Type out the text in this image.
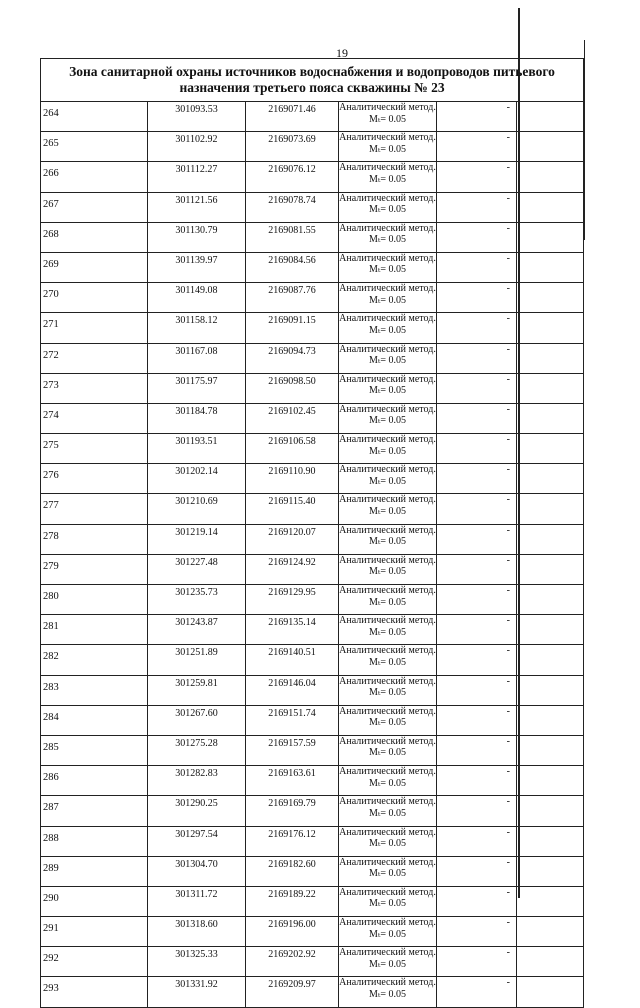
19
Зона санитарной охраны источников водоснабжения и водопроводов питьевого назначения третьего пояса скважины № 23					
264	301093.53	2169071.46	Аналитический метод.
Mₜ= 0.05	-	
265	301102.92	2169073.69	Аналитический метод.
Mₜ= 0.05	-	
266	301112.27	2169076.12	Аналитический метод.
Mₜ= 0.05	-	
267	301121.56	2169078.74	Аналитический метод.
Mₜ= 0.05	-	
268	301130.79	2169081.55	Аналитический метод.
Mₜ= 0.05	-	
269	301139.97	2169084.56	Аналитический метод.
Mₜ= 0.05	-	
270	301149.08	2169087.76	Аналитический метод.
Mₜ= 0.05	-	
271	301158.12	2169091.15	Аналитический метод.
Mₜ= 0.05	-	
272	301167.08	2169094.73	Аналитический метод.
Mₜ= 0.05	-	
273	301175.97	2169098.50	Аналитический метод.
Mₜ= 0.05	-	
274	301184.78	2169102.45	Аналитический метод.
Mₜ= 0.05	-	
275	301193.51	2169106.58	Аналитический метод.
Mₜ= 0.05	-	
276	301202.14	2169110.90	Аналитический метод.
Mₜ= 0.05	-	
277	301210.69	2169115.40	Аналитический метод.
Mₜ= 0.05	-	
278	301219.14	2169120.07	Аналитический метод.
Mₜ= 0.05	-	
279	301227.48	2169124.92	Аналитический метод.
Mₜ= 0.05	-	
280	301235.73	2169129.95	Аналитический метод.
Mₜ= 0.05	-	
281	301243.87	2169135.14	Аналитический метод.
Mₜ= 0.05	-	
282	301251.89	2169140.51	Аналитический метод.
Mₜ= 0.05	-	
283	301259.81	2169146.04	Аналитический метод.
Mₜ= 0.05	-	
284	301267.60	2169151.74	Аналитический метод.
Mₜ= 0.05	-	
285	301275.28	2169157.59	Аналитический метод.
Mₜ= 0.05	-	
286	301282.83	2169163.61	Аналитический метод.
Mₜ= 0.05	-	
287	301290.25	2169169.79	Аналитический метод.
Mₜ= 0.05	-	
288	301297.54	2169176.12	Аналитический метод.
Mₜ= 0.05	-	
289	301304.70	2169182.60	Аналитический метод.
Mₜ= 0.05	-	
290	301311.72	2169189.22	Аналитический метод.
Mₜ= 0.05	-	
291	301318.60	2169196.00	Аналитический метод.
Mₜ= 0.05	-	
292	301325.33	2169202.92	Аналитический метод.
Mₜ= 0.05	-	
293	301331.92	2169209.97	Аналитический метод.
Mₜ= 0.05	-	
